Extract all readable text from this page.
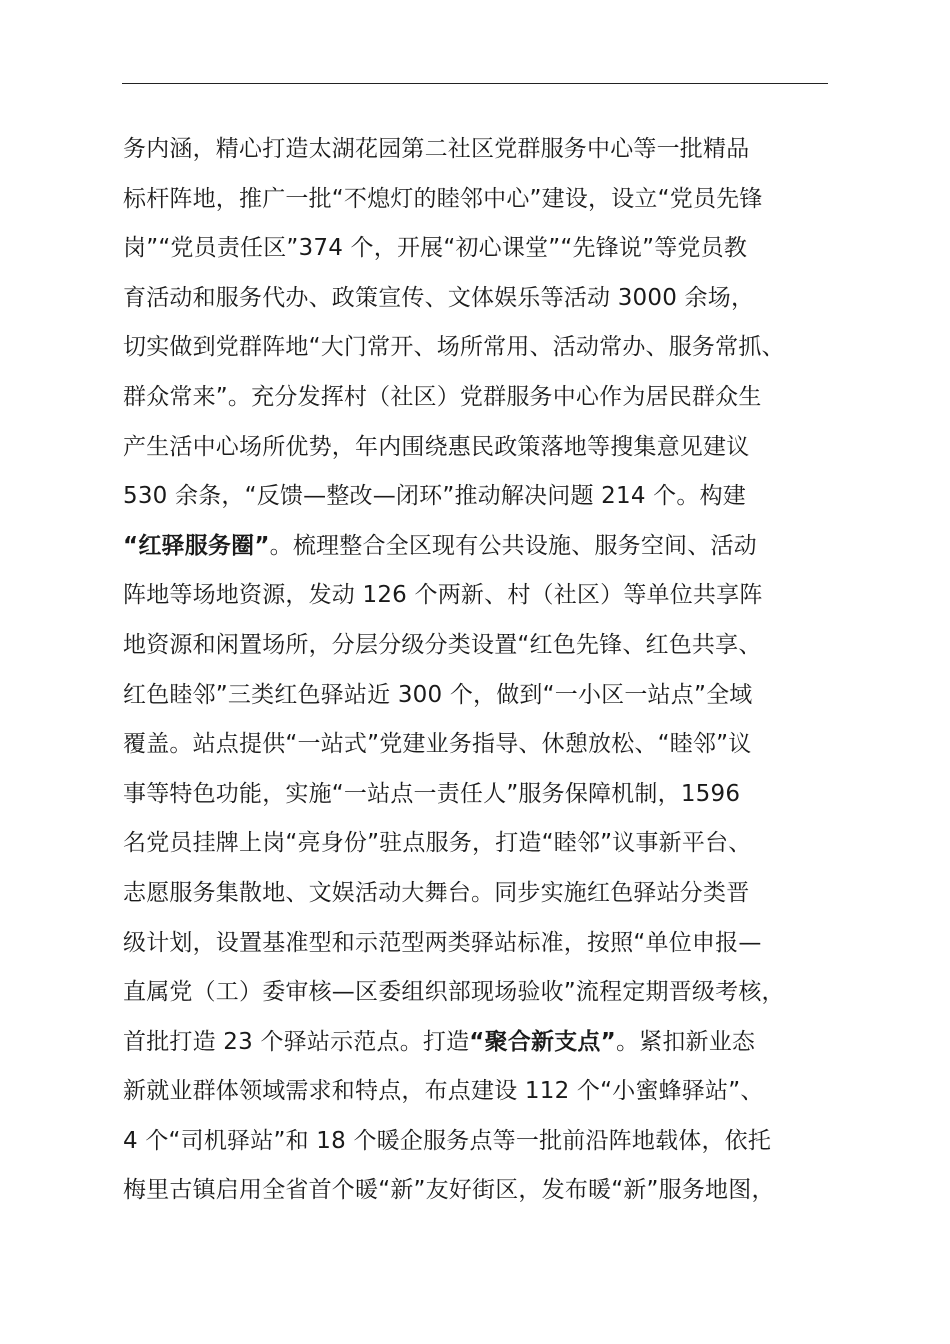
务内涵，精心打造太湖花园第二社区党群服务中心等一批精品
标杆阵地，推广一批“不熄灯的睦邻中心”建设，设立“党员先锋
岗”“党员责任区”374 个，开展“初心课堂”“先锋说”等党员教
育活动和服务代办、政策宣传、文体娱乐等活动 3000 余场，
切实做到党群阵地“大门常开、场所常用、活动常办、服务常抓、
群众常来”。充分发挥村（社区）党群服务中心作为居民群众生
产生活中心场所优势，年内围绕惠民政策落地等搜集意见建议
530 余条，“反馈—整改—闭环”推动解决问题 214 个。构建
“红驿服务圈”。梳理整合全区现有公共设施、服务空间、活动
阵地等场地资源，发动 126 个两新、村（社区）等单位共享阵
地资源和闲置场所，分层分级分类设置“红色先锋、红色共享、
红色睦邻”三类红色驿站近 300 个，做到“一小区一站点”全域
覆盖。站点提供“一站式”党建业务指导、休憩放松、“睦邻”议
事等特色功能，实施“一站点一责任人”服务保障机制，1596
名党员挂牌上岗“亮身份”驻点服务，打造“睦邻”议事新平台、
志愿服务集散地、文娱活动大舞台。同步实施红色驿站分类晋
级计划，设置基准型和示范型两类驿站标准，按照“单位申报—
直属党（工）委审核—区委组织部现场验收”流程定期晋级考核，
首批打造 23 个驿站示范点。打造“聚合新支点”。紧扣新业态
新就业群体领域需求和特点，布点建设 112 个“小蜜蜂驿站”、
4 个“司机驿站”和 18 个暖企服务点等一批前沿阵地载体，依托
梅里古镇启用全省首个暖“新”友好街区，发布暖“新”服务地图，
